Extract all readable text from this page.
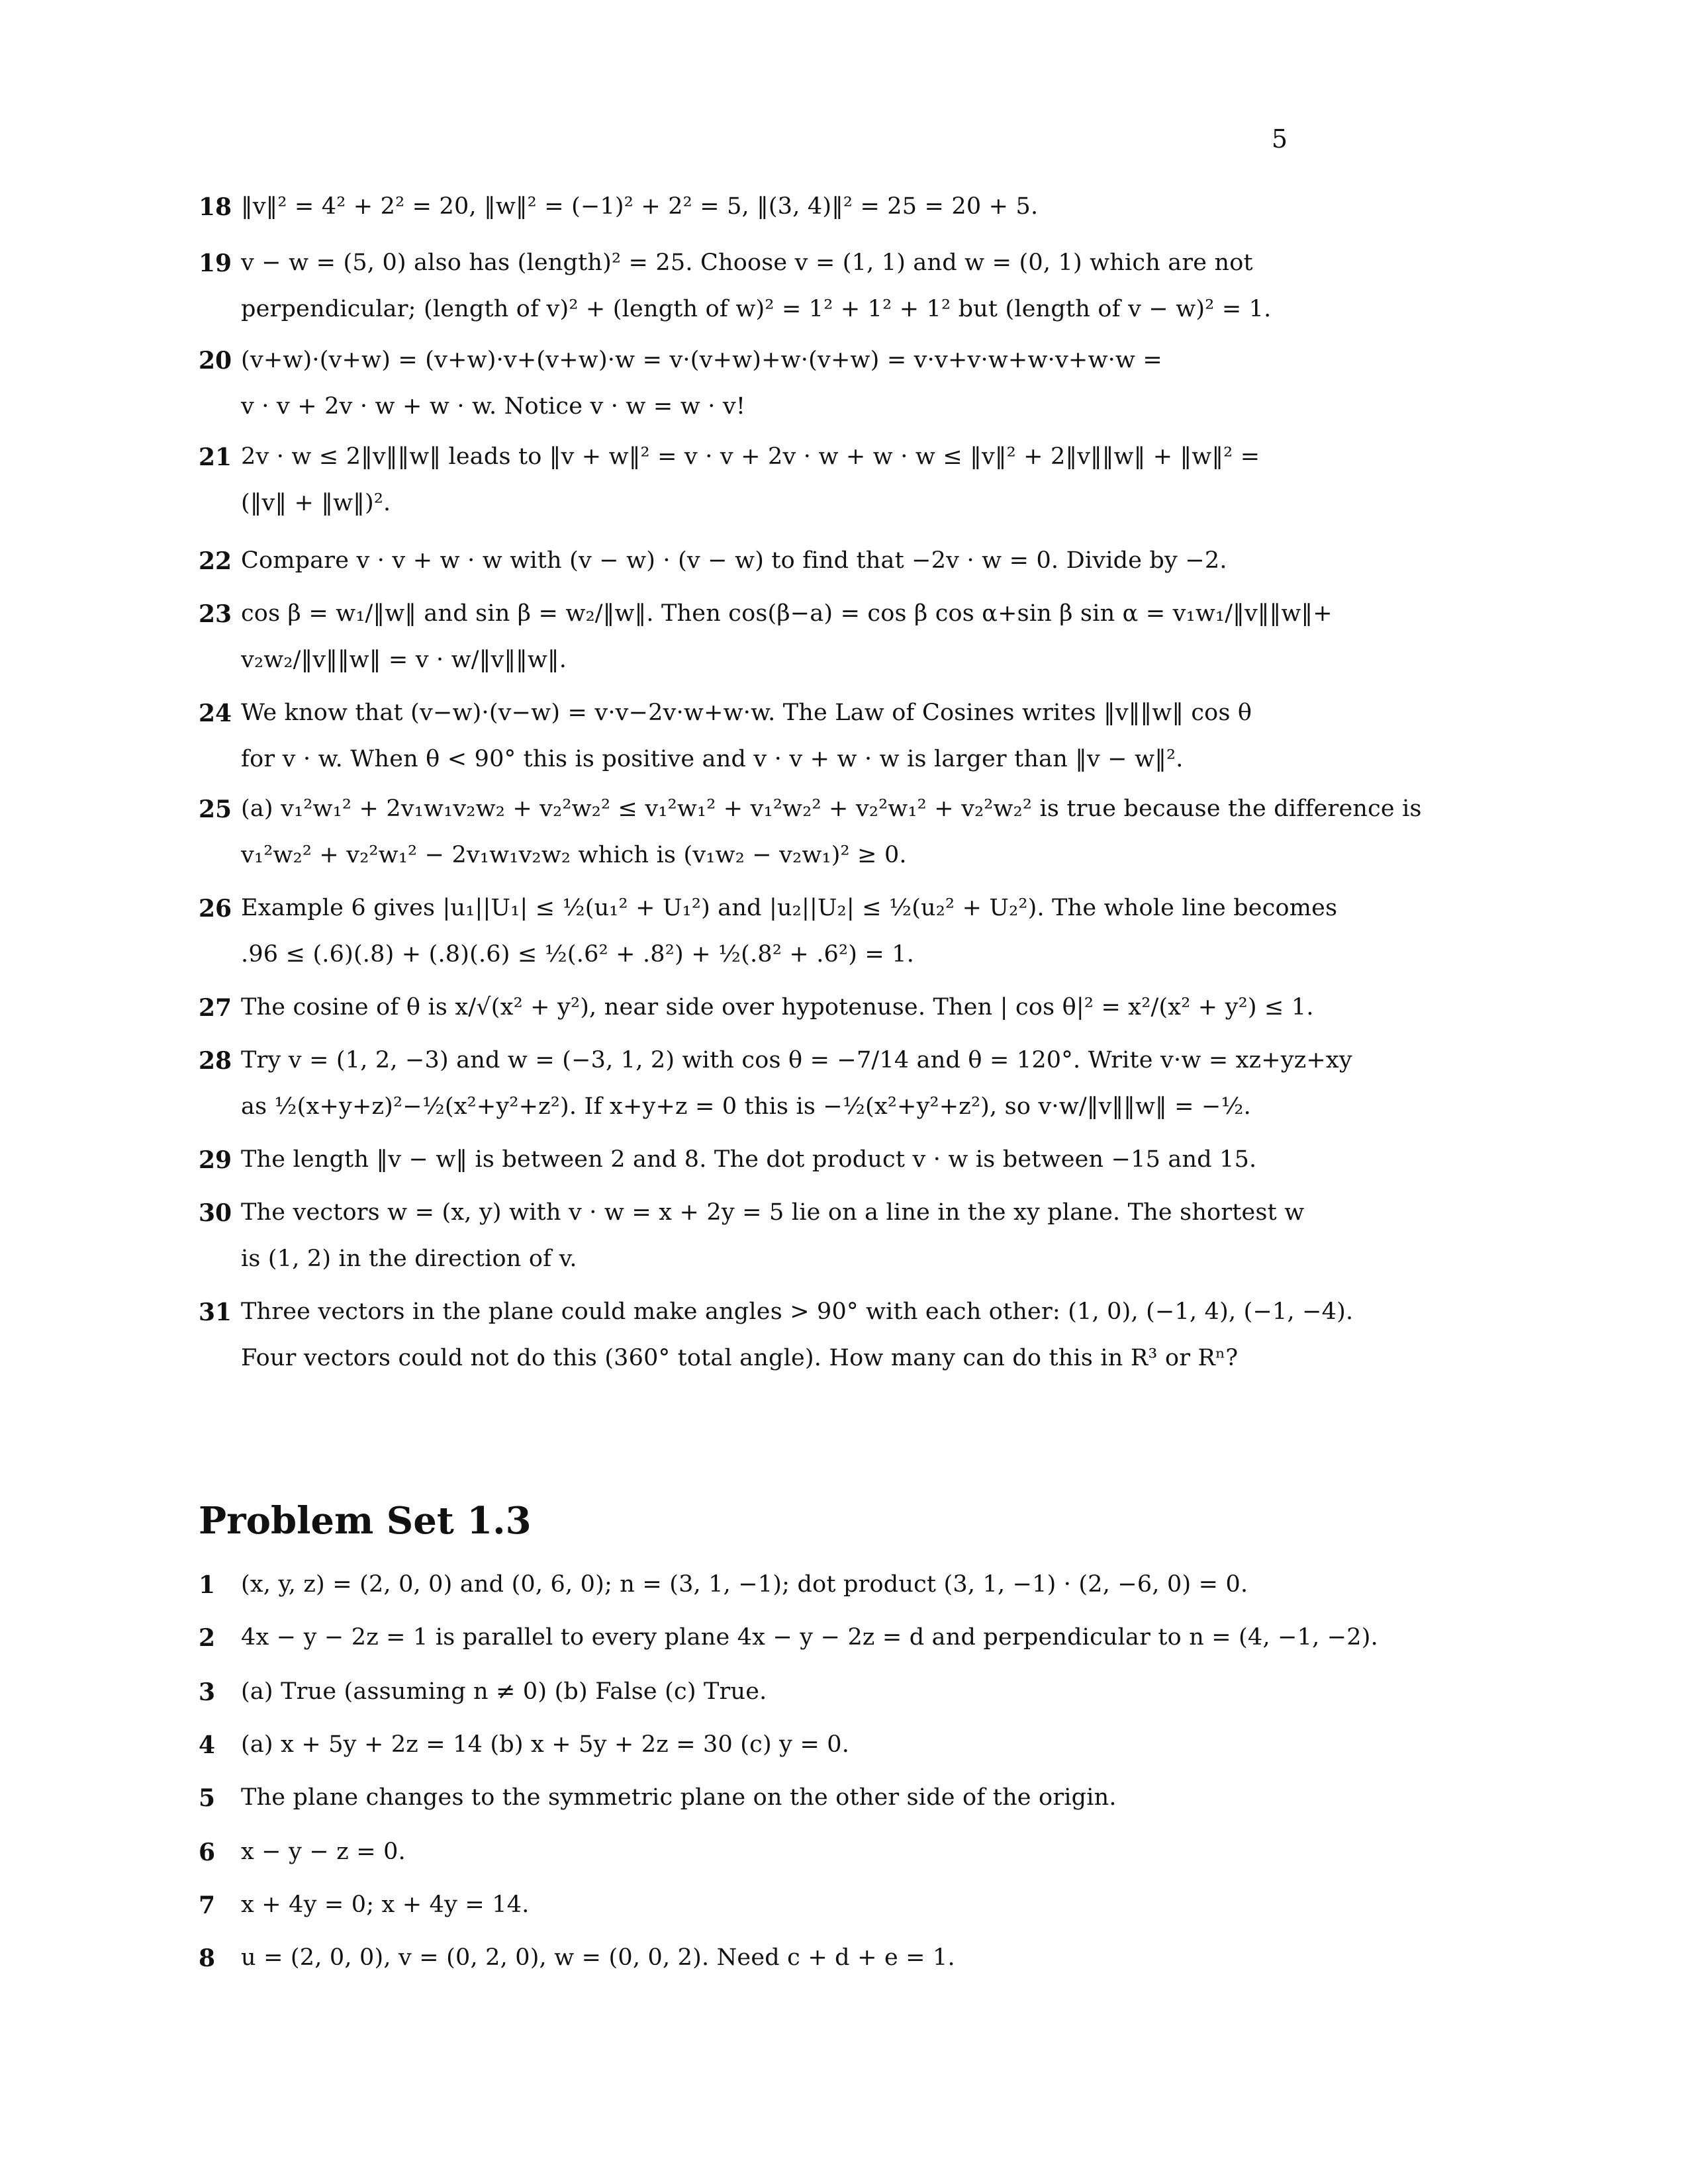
5
18 ‖v‖² = 4² + 2² = 20, ‖w‖² = (−1)² + 2² = 5, ‖(3, 4)‖² = 25 = 20 + 5.
19 v − w = (5, 0) also has (length)² = 25. Choose v = (1, 1) and w = (0, 1) which are not
perpendicular; (length of v)² + (length of w)² = 1² + 1² + 1² but (length of v − w)² = 1.
20 (v+w)·(v+w) = (v+w)·v+(v+w)·w = v·(v+w)+w·(v+w) = v·v+v·w+w·v+w·w =
v · v + 2v · w + w · w. Notice v · w = w · v!
21 2v · w ≤ 2‖v‖‖w‖ leads to ‖v + w‖² = v · v + 2v · w + w · w ≤ ‖v‖² + 2‖v‖‖w‖ + ‖w‖² =
(‖v‖ + ‖w‖)².
22 Compare v · v + w · w with (v − w) · (v − w) to find that −2v · w = 0. Divide by −2.
23 cos β = w₁/‖w‖ and sin β = w₂/‖w‖. Then cos(β−a) = cos β cos α+sin β sin α = v₁w₁/‖v‖‖w‖+
v₂w₂/‖v‖‖w‖ = v · w/‖v‖‖w‖.
24 We know that (v−w)·(v−w) = v·v−2v·w+w·w. The Law of Cosines writes ‖v‖‖w‖ cos θ
for v · w. When θ < 90° this is positive and v · v + w · w is larger than ‖v − w‖².
25 (a) v₁²w₁² + 2v₁w₁v₂w₂ + v₂²w₂² ≤ v₁²w₁² + v₁²w₂² + v₂²w₁² + v₂²w₂² is true because the difference is
v₁²w₂² + v₂²w₁² − 2v₁w₁v₂w₂ which is (v₁w₂ − v₂w₁)² ≥ 0.
26 Example 6 gives |u₁||U₁| ≤ ½(u₁² + U₁²) and |u₂||U₂| ≤ ½(u₂² + U₂²). The whole line becomes
.96 ≤ (.6)(.8) + (.8)(.6) ≤ ½(.6² + .8²) + ½(.8² + .6²) = 1.
27 The cosine of θ is x/√(x² + y²), near side over hypotenuse. Then | cos θ|² = x²/(x² + y²) ≤ 1.
28 Try v = (1, 2, −3) and w = (−3, 1, 2) with cos θ = −7/14 and θ = 120°. Write v·w = xz+yz+xy
as ½(x+y+z)²−½(x²+y²+z²). If x+y+z = 0 this is −½(x²+y²+z²), so v·w/‖v‖‖w‖ = −½.
29 The length ‖v − w‖ is between 2 and 8. The dot product v · w is between −15 and 15.
30 The vectors w = (x, y) with v · w = x + 2y = 5 lie on a line in the xy plane. The shortest w
is (1, 2) in the direction of v.
31 Three vectors in the plane could make angles > 90° with each other: (1, 0), (−1, 4), (−1, −4).
Four vectors could not do this (360° total angle). How many can do this in R³ or Rⁿ?
Problem Set 1.3
1 (x, y, z) = (2, 0, 0) and (0, 6, 0); n = (3, 1, −1); dot product (3, 1, −1) · (2, −6, 0) = 0.
2 4x − y − 2z = 1 is parallel to every plane 4x − y − 2z = d and perpendicular to n = (4, −1, −2).
3 (a) True (assuming n ≠ 0) (b) False (c) True.
4 (a) x + 5y + 2z = 14 (b) x + 5y + 2z = 30 (c) y = 0.
5 The plane changes to the symmetric plane on the other side of the origin.
6 x − y − z = 0.
7 x + 4y = 0; x + 4y = 14.
8 u = (2, 0, 0), v = (0, 2, 0), w = (0, 0, 2). Need c + d + e = 1.
